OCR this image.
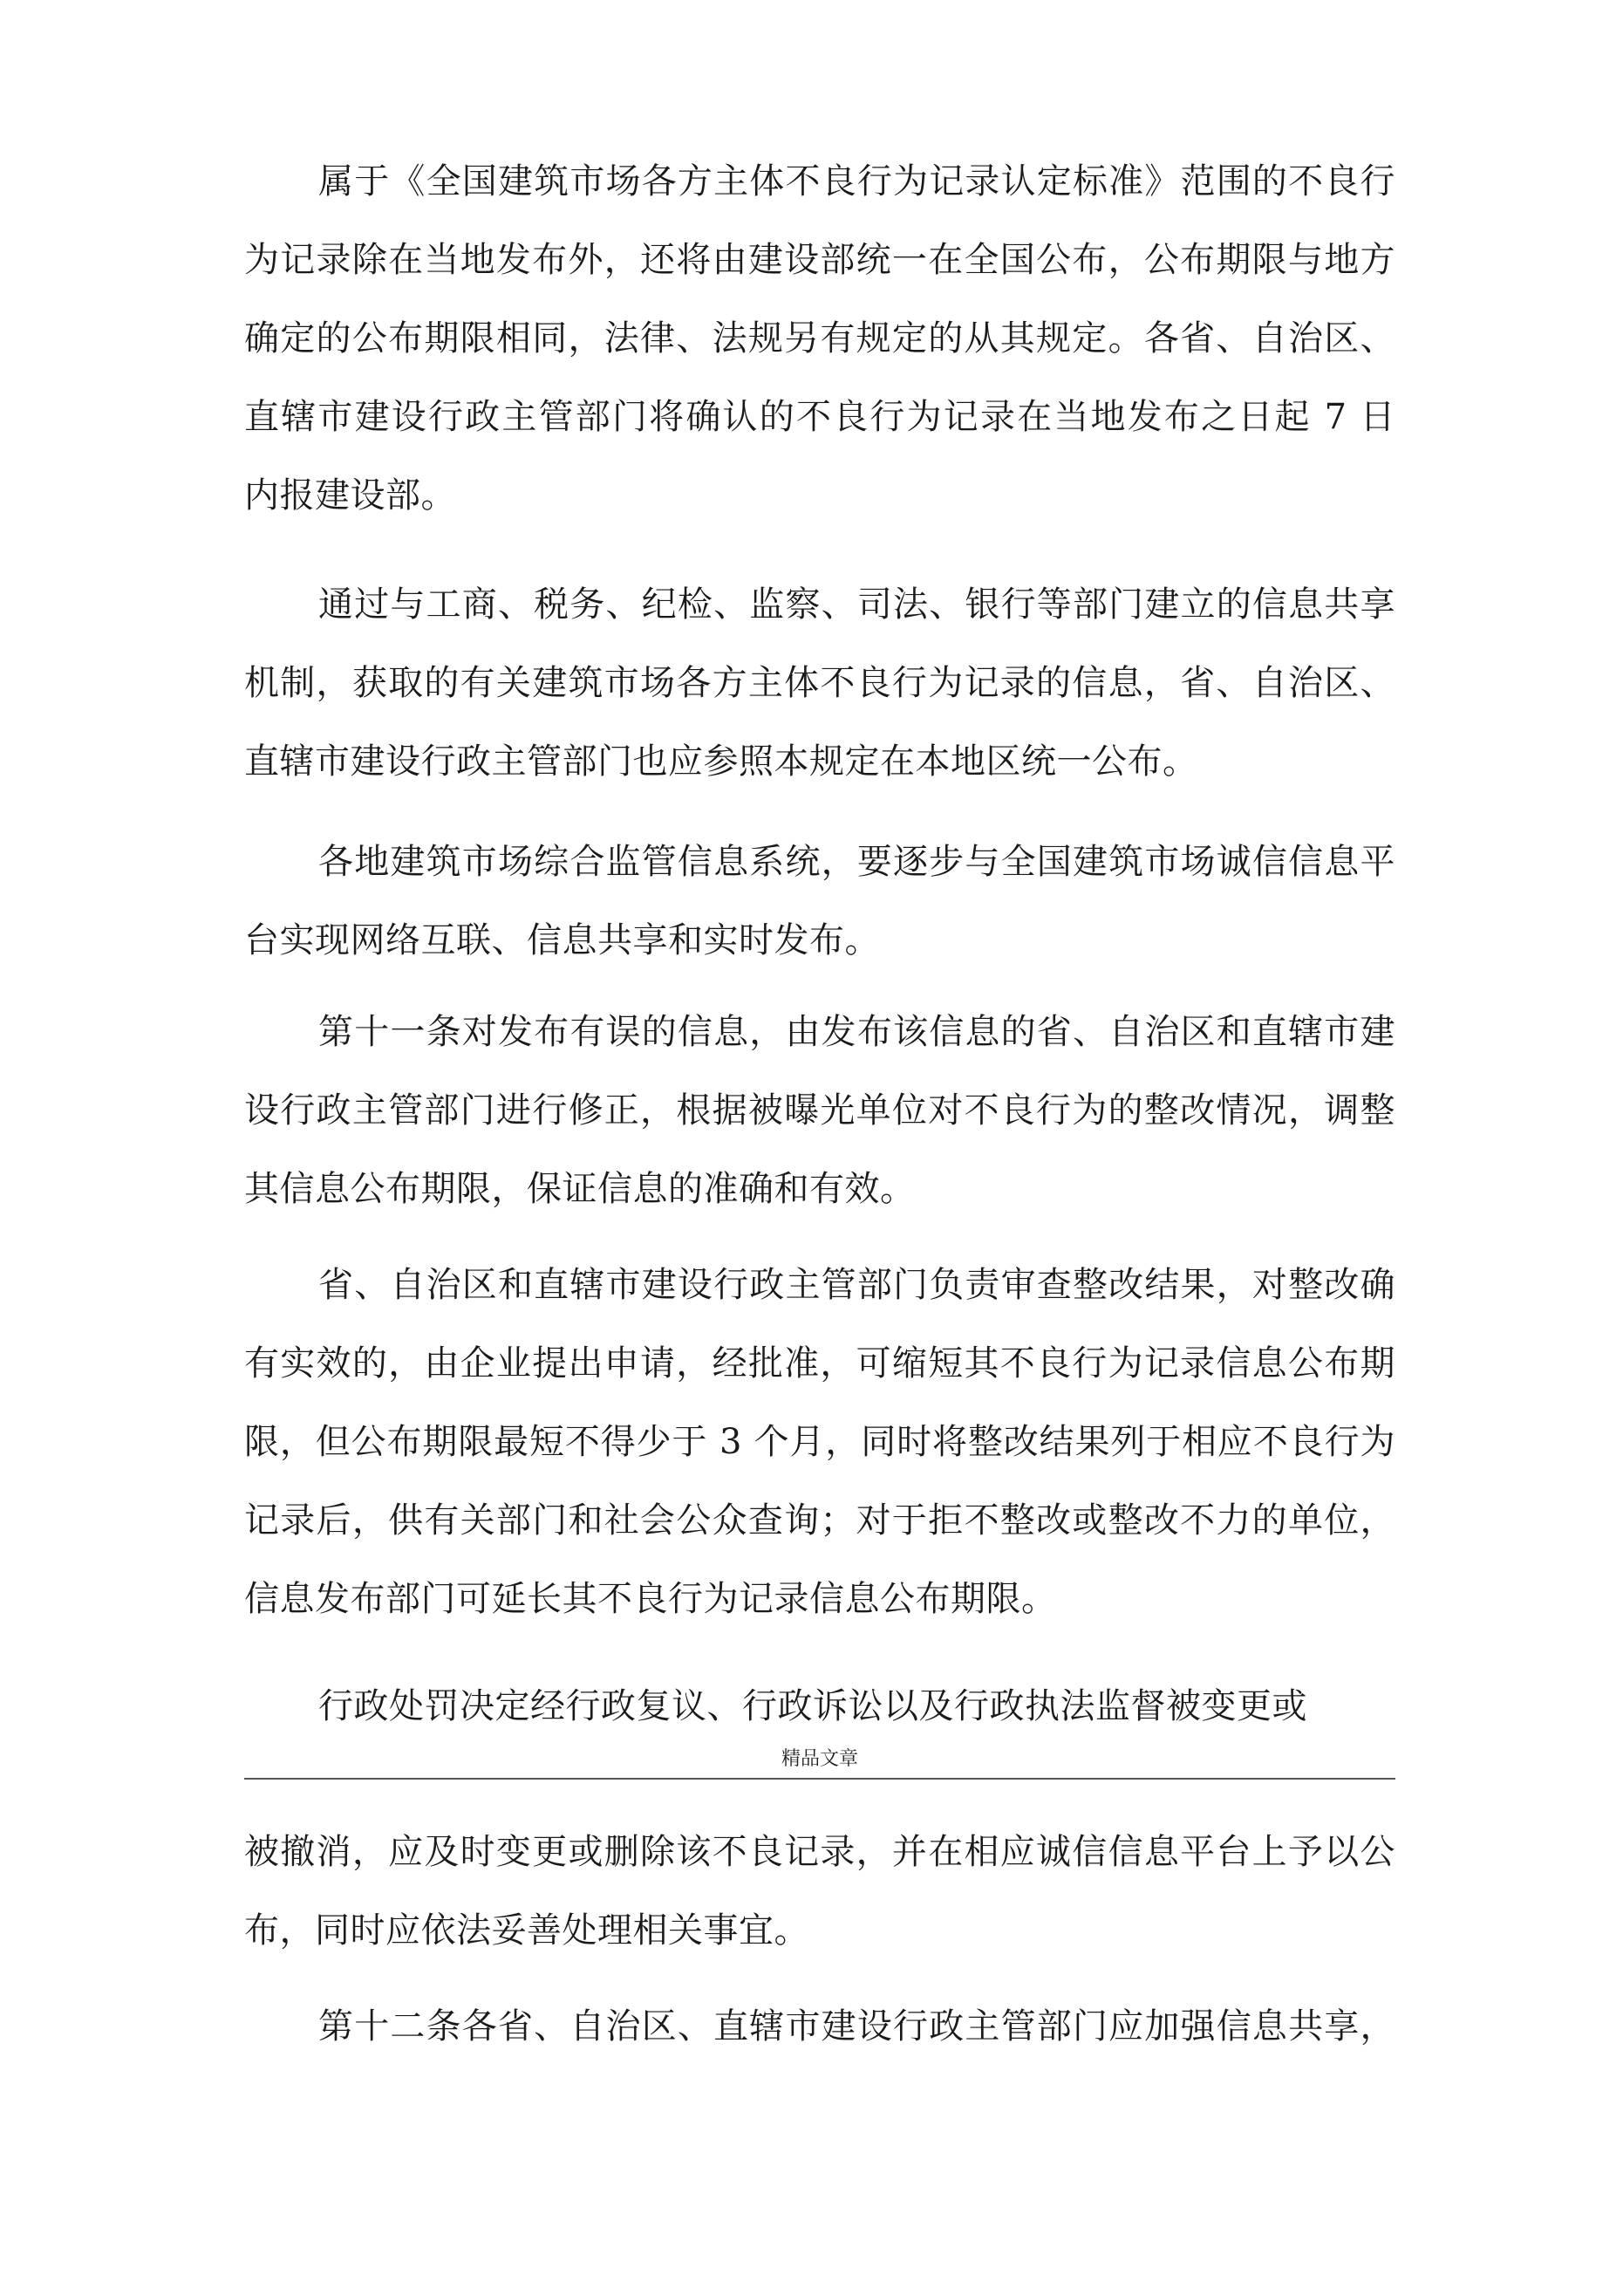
属于《全国建筑市场各方主体不良行为记录认定标准》范围的不良行
为记录除在当地发布外，还将由建设部统一在全国公布，公布期限与地方
确定的公布期限相同，法律、法规另有规定的从其规定。各省、自治区、
直辖市建设行政主管部门将确认的不良行为记录在当地发布之日起 7 日
内报建设部。
通过与工商、税务、纪检、监察、司法、银行等部门建立的信息共享
机制，获取的有关建筑市场各方主体不良行为记录的信息，省、自治区、
直辖市建设行政主管部门也应参照本规定在本地区统一公布。
各地建筑市场综合监管信息系统，要逐步与全国建筑市场诚信信息平
台实现网络互联、信息共享和实时发布。
第十一条对发布有误的信息，由发布该信息的省、自治区和直辖市建
设行政主管部门进行修正，根据被曝光单位对不良行为的整改情况，调整
其信息公布期限，保证信息的准确和有效。
省、自治区和直辖市建设行政主管部门负责审查整改结果，对整改确
有实效的，由企业提出申请，经批准，可缩短其不良行为记录信息公布期
限，但公布期限最短不得少于 3 个月，同时将整改结果列于相应不良行为
记录后，供有关部门和社会公众查询；对于拒不整改或整改不力的单位，
信息发布部门可延长其不良行为记录信息公布期限。
行政处罚决定经行政复议、行政诉讼以及行政执法监督被变更或
精品文章
被撤消，应及时变更或删除该不良记录，并在相应诚信信息平台上予以公
布，同时应依法妥善处理相关事宜。
第十二条各省、自治区、直辖市建设行政主管部门应加强信息共享，
